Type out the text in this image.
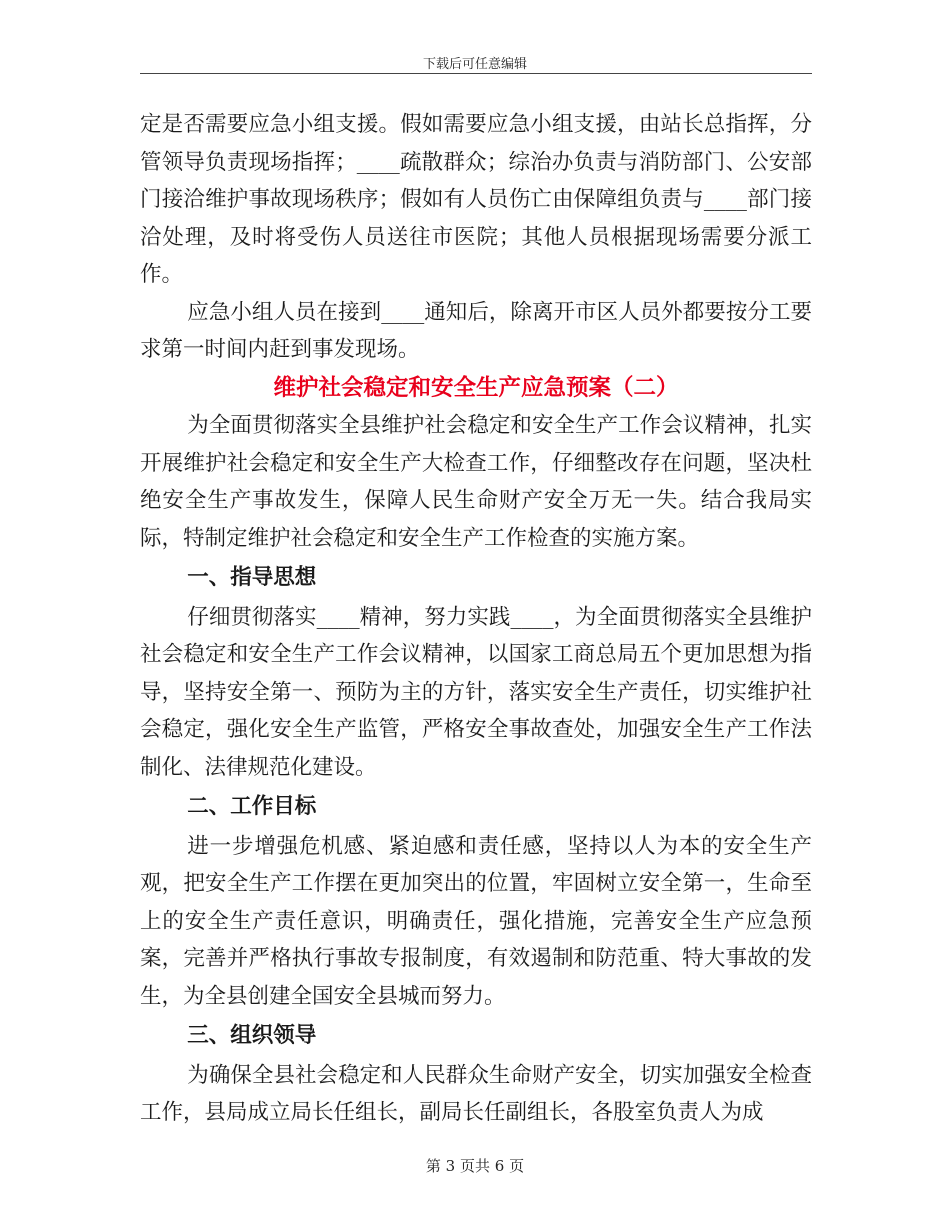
下载后可任意编辑

定是否需要应急小组支援。假如需要应急小组支援，由站长总指挥，分管领导负责现场指挥；____疏散群众；综治办负责与消防部门、公安部门接洽维护事故现场秩序；假如有人员伤亡由保障组负责与____部门接洽处理，及时将受伤人员送往市医院；其他人员根据现场需要分派工作。

应急小组人员在接到____通知后，除离开市区人员外都要按分工要求第一时间内赶到事发现场。

维护社会稳定和安全生产应急预案（二）

为全面贯彻落实全县维护社会稳定和安全生产工作会议精神，扎实开展维护社会稳定和安全生产大检查工作，仔细整改存在问题，坚决杜绝安全生产事故发生，保障人民生命财产安全万无一失。结合我局实际，特制定维护社会稳定和安全生产工作检查的实施方案。

一、指导思想

仔细贯彻落实____精神，努力实践____，为全面贯彻落实全县维护社会稳定和安全生产工作会议精神，以国家工商总局五个更加思想为指导，坚持安全第一、预防为主的方针，落实安全生产责任，切实维护社会稳定，强化安全生产监管，严格安全事故查处，加强安全生产工作法制化、法律规范化建设。

二、工作目标

进一步增强危机感、紧迫感和责任感，坚持以人为本的安全生产观，把安全生产工作摆在更加突出的位置，牢固树立安全第一，生命至上的安全生产责任意识，明确责任，强化措施，完善安全生产应急预案，完善并严格执行事故专报制度，有效遏制和防范重、特大事故的发生，为全县创建全国安全县城而努力。

三、组织领导

为确保全县社会稳定和人民群众生命财产安全，切实加强安全检查工作，县局成立局长任组长，副局长任副组长，各股室负责人为成

第 3 页共 6 页
